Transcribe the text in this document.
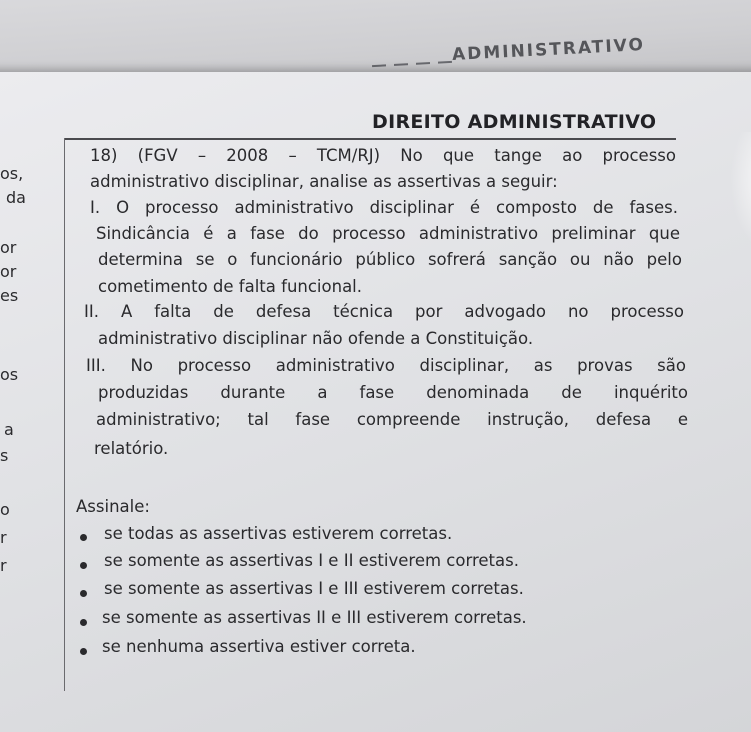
ADMINISTRATIVO
DIREITO ADMINISTRATIVO
os,
da
or
or
es
os
a
s
o
r
r
18) (FGV – 2008 – TCM/RJ) No que tange ao processo
administrativo disciplinar, analise as assertivas a seguir:
I. O processo administrativo disciplinar é composto de fases.
Sindicância é a fase do processo administrativo preliminar que
determina se o funcionário público sofrerá sanção ou não pelo
cometimento de falta funcional.
II. A falta de defesa técnica por advogado no processo
administrativo disciplinar não ofende a Constituição.
III. No processo administrativo disciplinar, as provas são
produzidas durante a fase denominada de inquérito
administrativo; tal fase compreende instrução, defesa e
relatório.
Assinale:
se todas as assertivas estiverem corretas.
se somente as assertivas I e II estiverem corretas.
se somente as assertivas I e III estiverem corretas.
se somente as assertivas II e III estiverem corretas.
se nenhuma assertiva estiver correta.
